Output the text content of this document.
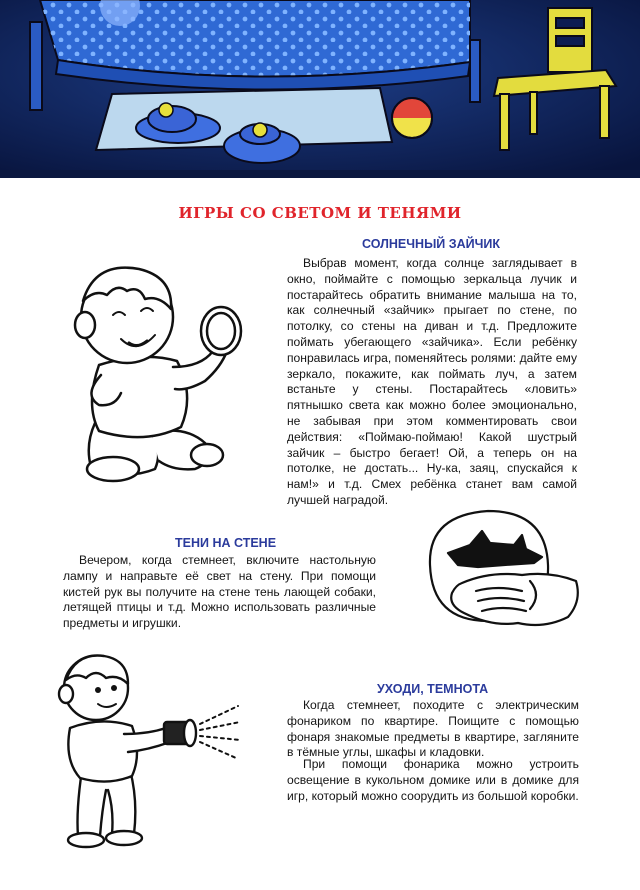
ИГРЫ СО СВЕТОМ И ТЕНЯМИ
СОЛНЕЧНЫЙ ЗАЙЧИК

Выбрав момент, когда солнце заглядывает в окно, поймайте с помощью зеркальца лучик и постарайтесь обратить внимание малыша на то, как солнечный «зайчик» прыгает по стене, по потолку, со стены на диван и т.д. Предложите поймать убегающего «зайчика». Если ребёнку понравилась игра, поменяйтесь ролями: дайте ему зеркало, покажите, как поймать луч, а затем встаньте у стены. Постарайтесь «ловить» пятнышко света как можно более эмоционально, не забывая при этом комментировать свои действия: «Поймаю-поймаю! Какой шустрый зайчик – быстро бегает! Ой, а теперь он на потолке, не достать... Ну-ка, заяц, спускайся к нам!» и т.д. Смех ребёнка станет вам самой лучшей наградой.

ТЕНИ НА СТЕНЕ

Вечером, когда стемнеет, включите настольную лампу и направьте её свет на стену. При помощи кистей рук вы получите на стене тень лающей собаки, летящей птицы и т.д. Можно использовать различные предметы и игрушки.

УХОДИ, ТЕМНОТА

Когда стемнеет, походите с электрическим фонариком по квартире. Поищите с помощью фонаря знакомые предметы в квартире, загляните в тёмные углы, шкафы и кладовки.

При помощи фонарика можно устроить освещение в кукольном домике или в домике для игр, который можно соорудить из большой коробки.
